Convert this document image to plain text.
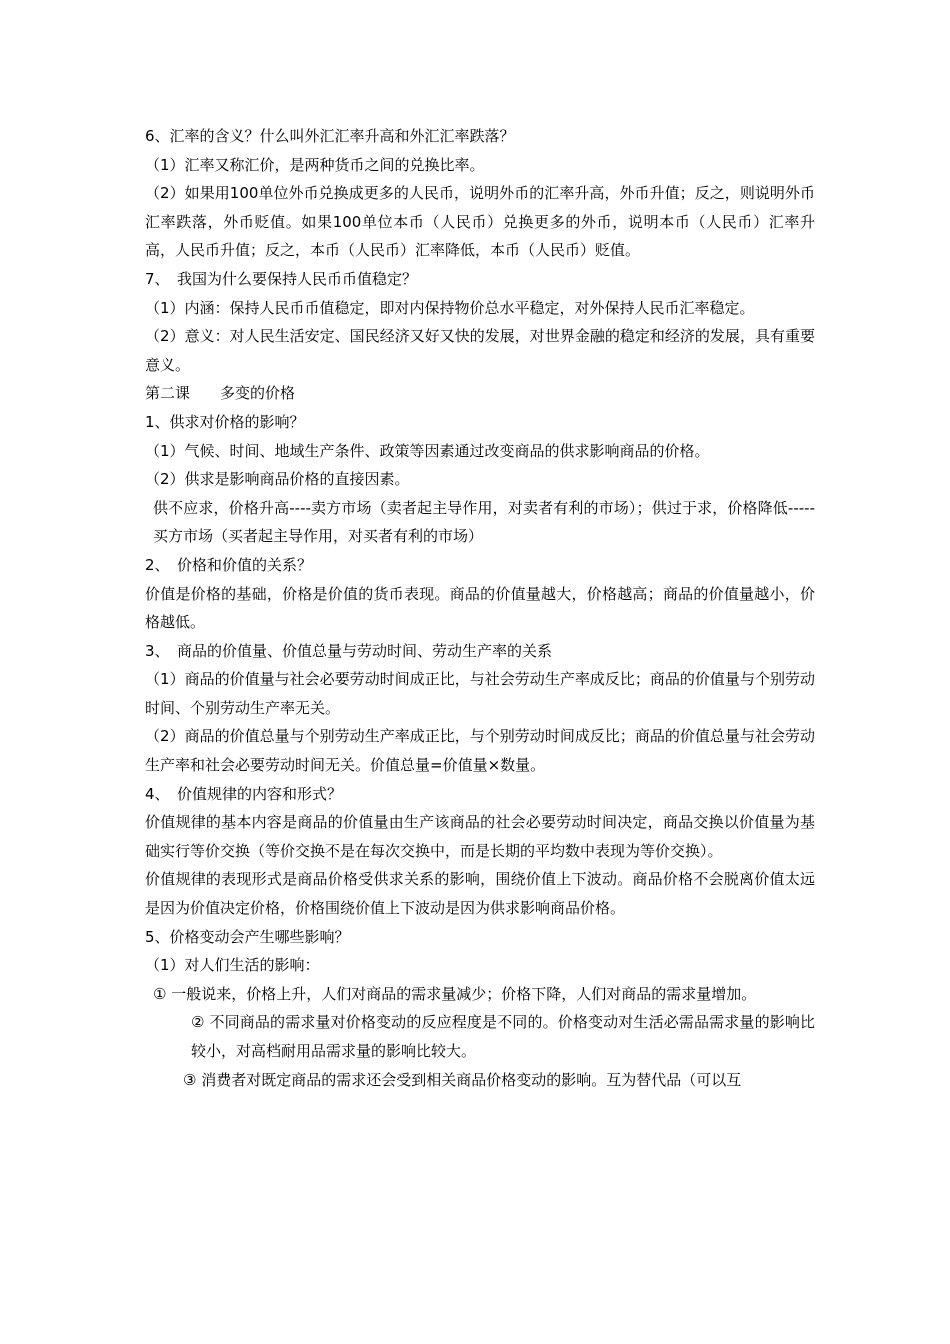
6、汇率的含义？什么叫外汇汇率升高和外汇汇率跌落？

（1）汇率又称汇价，是两种货币之间的兑换比率。

（2）如果用100单位外币兑换成更多的人民币，说明外币的汇率升高，外币升值；反之，则说明外币汇率跌落，外币贬值。如果100单位本币（人民币）兑换更多的外币，说明本币（人民币）汇率升高，人民币升值；反之，本币（人民币）汇率降低，本币（人民币）贬值。

7、　我国为什么要保持人民币币值稳定？

（1）内涵：保持人民币币值稳定，即对内保持物价总水平稳定，对外保持人民币汇率稳定。

（2）意义：对人民生活安定、国民经济又好又快的发展，对世界金融的稳定和经济的发展，具有重要意义。

第二课　　多变的价格

1、供求对价格的影响？

（1）气候、时间、地域生产条件、政策等因素通过改变商品的供求影响商品的价格。

（2）供求是影响商品价格的直接因素。

供不应求，价格升高----卖方市场（卖者起主导作用，对卖者有利的市场）；供过于求，价格降低-----买方市场（买者起主导作用，对买者有利的市场）

2、　价格和价值的关系？

价值是价格的基础，价格是价值的货币表现。商品的价值量越大，价格越高；商品的价值量越小，价格越低。

3、　商品的价值量、价值总量与劳动时间、劳动生产率的关系

（1）商品的价值量与社会必要劳动时间成正比，与社会劳动生产率成反比；商品的价值量与个别劳动时间、个别劳动生产率无关。

（2）商品的价值总量与个别劳动生产率成正比，与个别劳动时间成反比；商品的价值总量与社会劳动生产率和社会必要劳动时间无关。价值总量=价值量×数量。

4、　价值规律的内容和形式？

价值规律的基本内容是商品的价值量由生产该商品的社会必要劳动时间决定，商品交换以价值量为基础实行等价交换（等价交换不是在每次交换中，而是长期的平均数中表现为等价交换）。

价值规律的表现形式是商品价格受供求关系的影响，围绕价值上下波动。商品价格不会脱离价值太远是因为价值决定价格，价格围绕价值上下波动是因为供求影响商品价格。

5、价格变动会产生哪些影响？

（1）对人们生活的影响：

① 一般说来，价格上升，人们对商品的需求量减少；价格下降，人们对商品的需求量增加。

② 不同商品的需求量对价格变动的反应程度是不同的。价格变动对生活必需品需求量的影响比较小，对高档耐用品需求量的影响比较大。

③ 消费者对既定商品的需求还会受到相关商品价格变动的影响。互为替代品（可以互
